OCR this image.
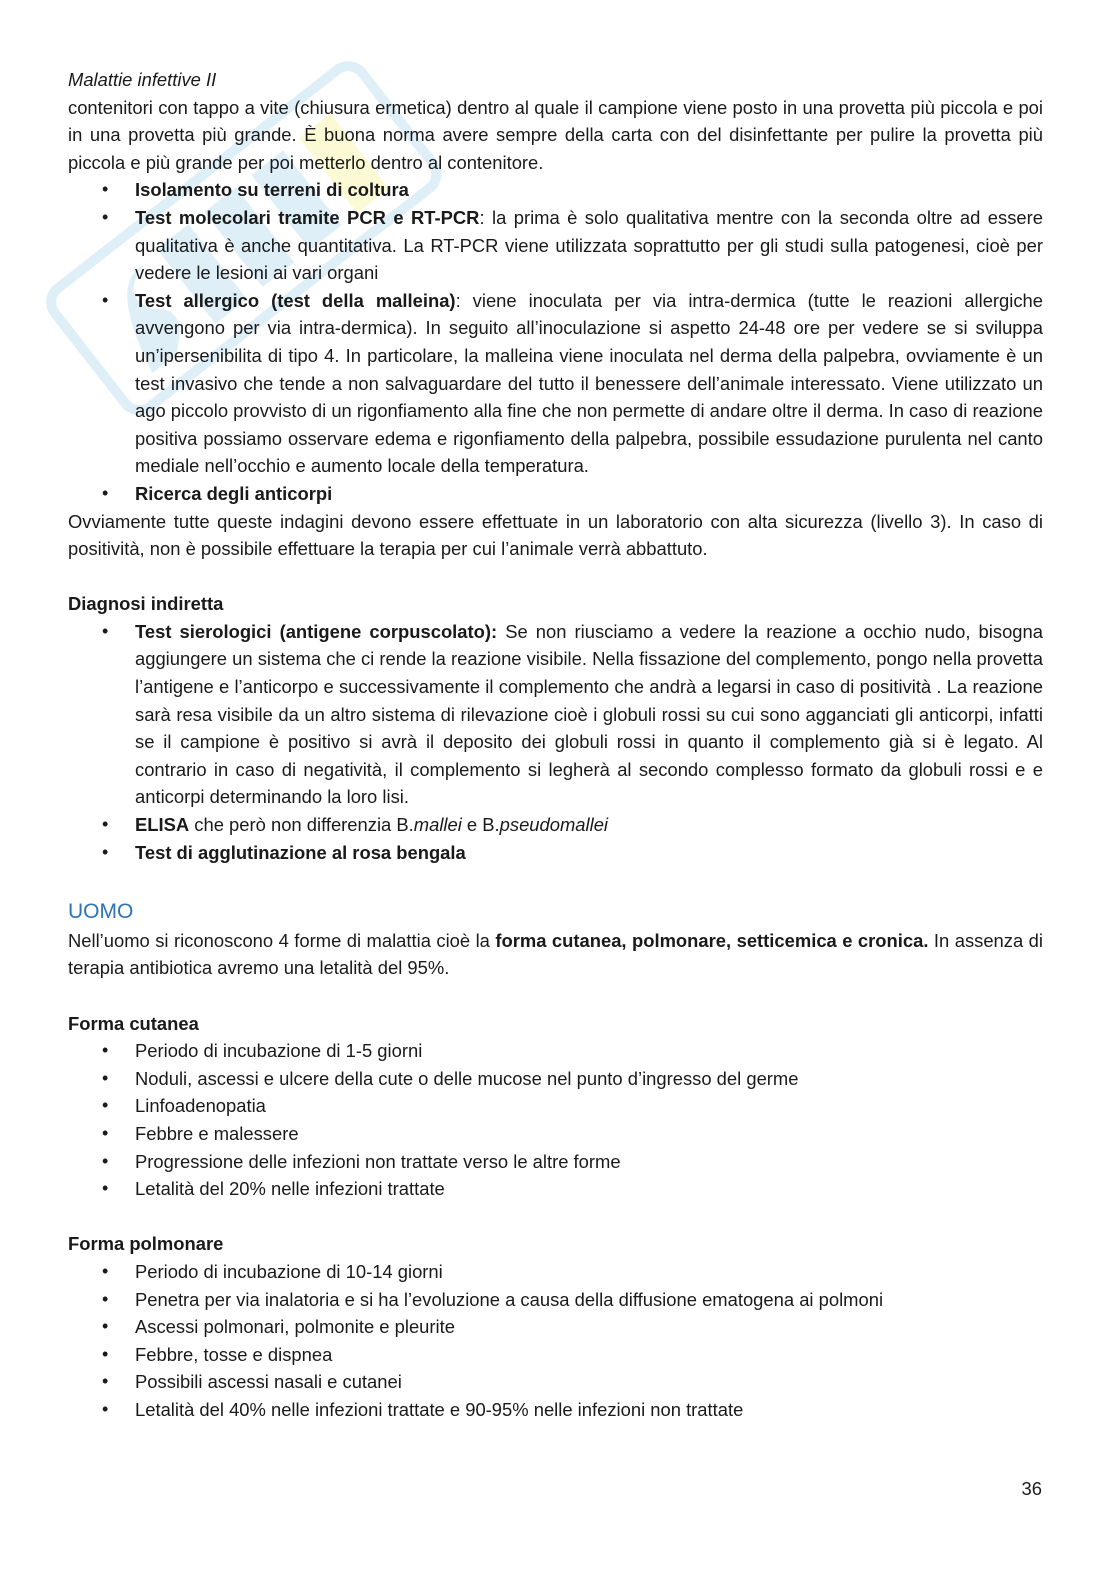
Malattie infettive II

contenitori con tappo a vite (chiusura ermetica) dentro al quale il campione viene posto in una provetta più piccola e poi in una provetta più grande. È buona norma avere sempre della carta con del disinfettante per pulire la provetta più piccola e più grande per poi metterlo dentro al contenitore.

• Isolamento su terreni di coltura
• Test molecolari tramite PCR e RT-PCR: la prima è solo qualitativa mentre con la seconda oltre ad essere qualitativa è anche quantitativa. La RT-PCR viene utilizzata soprattutto per gli studi sulla patogenesi, cioè per vedere le lesioni ai vari organi
• Test allergico (test della malleina): viene inoculata per via intra-dermica (tutte le reazioni allergiche avvengono per via intra-dermica). In seguito all’inoculazione si aspetto 24-48 ore per vedere se si sviluppa un’ipersenibilita di tipo 4. In particolare, la malleina viene inoculata nel derma della palpebra, ovviamente è un test invasivo che tende a non salvaguardare del tutto il benessere dell’animale interessato. Viene utilizzato un ago piccolo provvisto di un rigonfiamento alla fine che non permette di andare oltre il derma. In caso di reazione positiva possiamo osservare edema e rigonfiamento della palpebra, possibile essudazione purulenta nel canto mediale nell’occhio e aumento locale della temperatura.
• Ricerca degli anticorpi

Ovviamente tutte queste indagini devono essere effettuate in un laboratorio con alta sicurezza (livello 3). In caso di positività, non è possibile effettuare la terapia per cui l’animale verrà abbattuto.

Diagnosi indiretta
• Test sierologici (antigene corpuscolato): Se non riusciamo a vedere la reazione a occhio nudo, bisogna aggiungere un sistema che ci rende la reazione visibile. Nella fissazione del complemento, pongo nella provetta l’antigene e l’anticorpo e successivamente il complemento che andrà a legarsi in caso di positività . La reazione sarà resa visibile da un altro sistema di rilevazione cioè i globuli rossi su cui sono agganciati gli anticorpi, infatti se il campione è positivo si avrà il deposito dei globuli rossi in quanto il complemento già si è legato. Al contrario in caso di negatività, il complemento si legherà al secondo complesso formato da globuli rossi e e anticorpi determinando la loro lisi.
• ELISA che però non differenzia B.mallei e B.pseudomallei
• Test di agglutinazione al rosa bengala
UOMO

Nell’uomo si riconoscono 4 forme di malattia cioè la forma cutanea, polmonare, setticemica e cronica. In assenza di terapia antibiotica avremo una letalità del 95%.

Forma cutanea
• Periodo di incubazione di 1-5 giorni
• Noduli, ascessi e ulcere della cute o delle mucose nel punto d’ingresso del germe
• Linfoadenopatia
• Febbre e malessere
• Progressione delle infezioni non trattate verso le altre forme
• Letalità del 20% nelle infezioni trattate
Forma polmonare
• Periodo di incubazione di 10-14 giorni
• Penetra per via inalatoria e si ha l’evoluzione a causa della diffusione ematogena ai polmoni
• Ascessi polmonari, polmonite e pleurite
• Febbre, tosse e dispnea
• Possibili ascessi nasali e cutanei
• Letalità del 40% nelle infezioni trattate e 90-95% nelle infezioni non trattate
36
